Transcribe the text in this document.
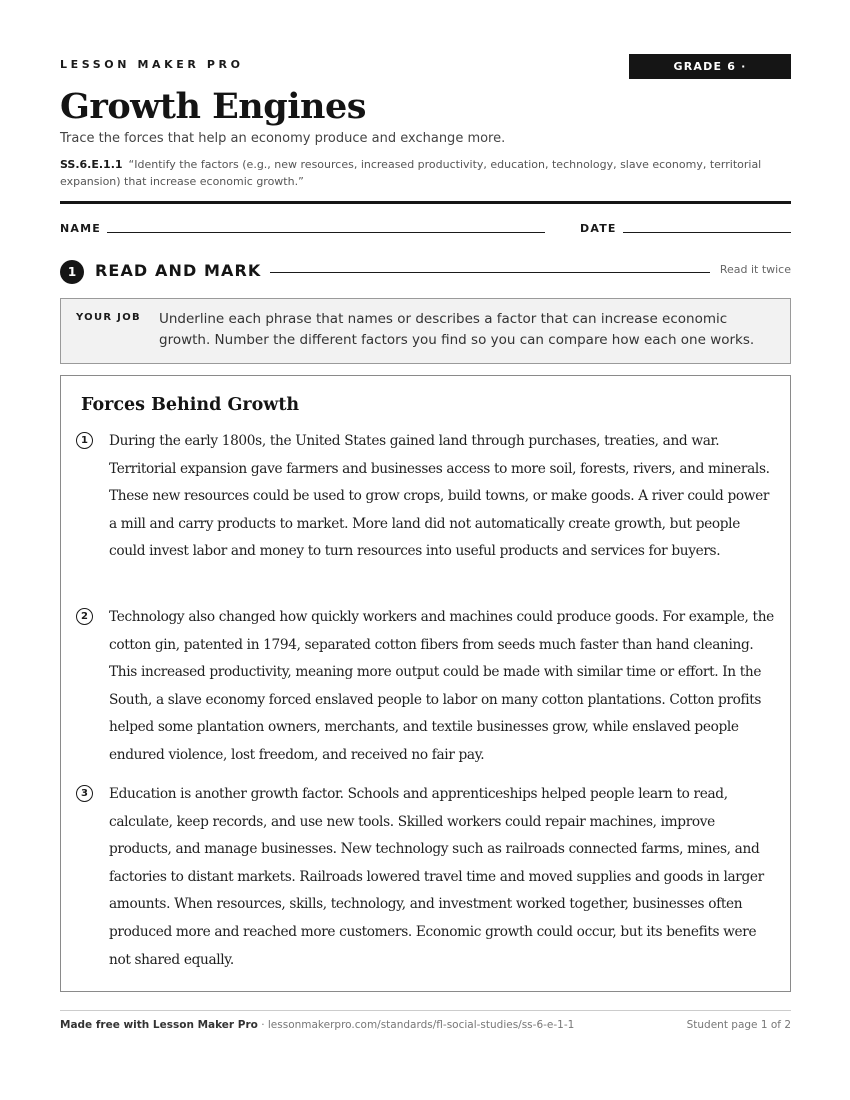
LESSON MAKER PRO	GRADE 6 · SS.6.E.1.1
Growth Engines
Trace the forces that help an economy produce and exchange more.
SS.6.E.1.1 “Identify the factors (e.g., new resources, increased productivity, education, technology, slave economy, territorial expansion) that increase economic growth.”
NAME	DATE
1	READ AND MARK	Read it twice
YOUR JOB Underline each phrase that names or describes a factor that can increase economic growth. Number the different factors you find so you can compare how each one works.
Forces Behind Growth
1	During the early 1800s, the United States gained land through purchases, treaties, and war. Territorial expansion gave farmers and businesses access to more soil, forests, rivers, and minerals. These new resources could be used to grow crops, build towns, or make goods. A river could power a mill and carry products to market. More land did not automatically create growth, but people could invest labor and money to turn resources into useful products and services for buyers.
2	Technology also changed how quickly workers and machines could produce goods. For example, the cotton gin, patented in 1794, separated cotton fibers from seeds much faster than hand cleaning. This increased productivity, meaning more output could be made with similar time or effort. In the South, a slave economy forced enslaved people to labor on many cotton plantations. Cotton profits helped some plantation owners, merchants, and textile businesses grow, while enslaved people endured violence, lost freedom, and received no fair pay.
3	Education is another growth factor. Schools and apprenticeships helped people learn to read, calculate, keep records, and use new tools. Skilled workers could repair machines, improve products, and manage businesses. New technology such as railroads connected farms, mines, and factories to distant markets. Railroads lowered travel time and moved supplies and goods in larger amounts. When resources, skills, technology, and investment worked together, businesses often produced more and reached more customers. Economic growth could occur, but its benefits were not shared equally.
Made free with Lesson Maker Pro · lessonmakerpro.com/standards/fl-social-studies/ss-6-e-1-1	Student page 1 of 2
